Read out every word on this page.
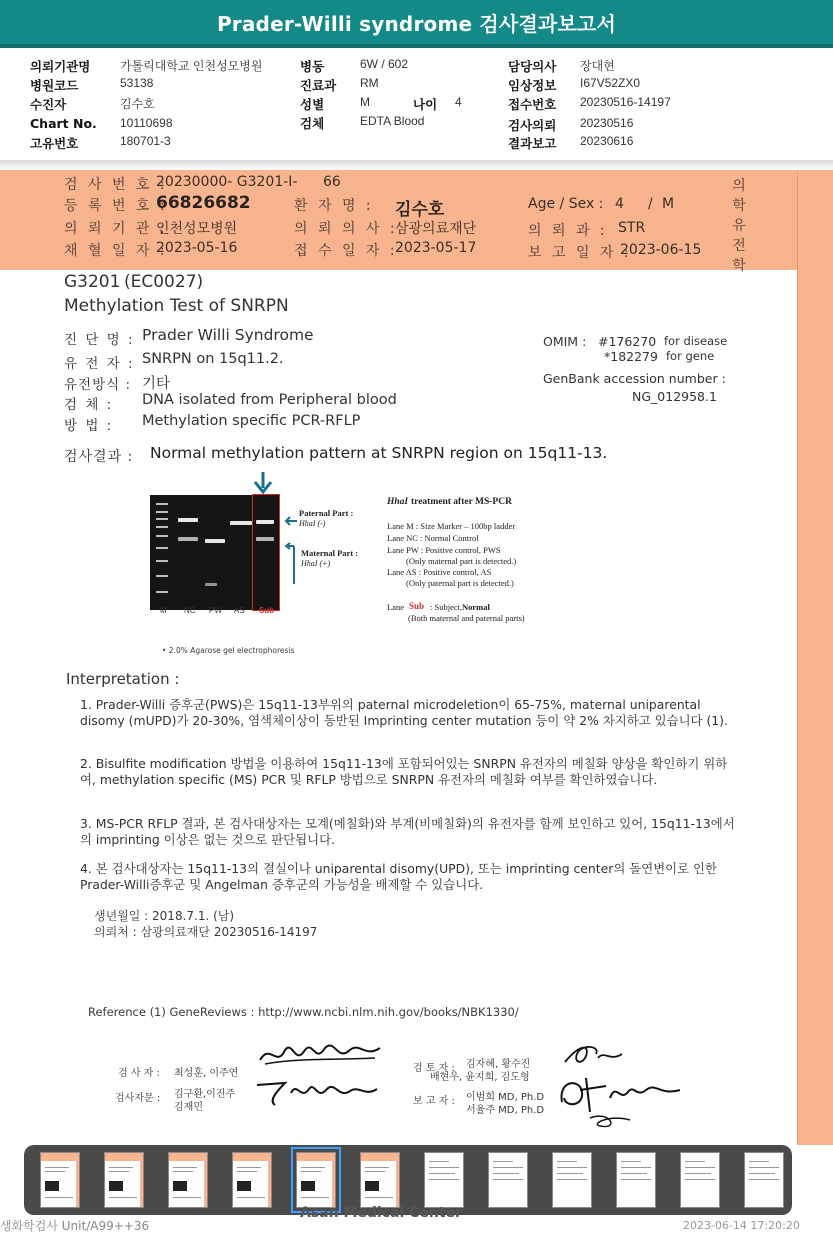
Prader-Willi syndrome 검사결과보고서
의뢰기관명 가톨릭대학교 인천성모병원
병원코드	53138
수진자	김수호
Chart No. 10110698
고유번호	180701-3
병동	6W / 602
진료과 RM
성별	M	나이 4
검체	EDTA Blood
담당의사 장대현
임상정보 I67V52ZX0
접수번호 20230516-14197
검사의뢰 20230516
결과보고 20230616
검 사 번 호 :
20230000- G3201-I- 66
등 록 번 호 :
66826682	환 자 명 : 김수호	Age / Sex : 4 / M
의 뢰 기 관 :
인천성모병원	의 뢰 의 사 :
삼광의료재단	의 뢰 과 : STR
채 혈 일 자 :
2023-05-16	접 수 일 자 :
2023-05-17	보 고 일 자 :
2023-06-15
의
학
유
전
학
G3201 (EC0027)
Methylation Test of SNRPN
진 단 명 : Prader Willi Syndrome
유 전 자 : SNRPN on 15q11.2.
유전방식 : 기타
검 체 : DNA isolated from Peripheral blood
방 법 : Methylation specific PCR-RFLP
OMIM : #176270 for disease
*182279 for gene
GenBank accession number :
NG_012958.1
검사결과 : Normal methylation pattern at SNRPN region on 15q11-13.
M NC PW AS Sub
Paternal Part :
HhaI (-)
Maternal Part :
HhaI (+)
• 2.0% Agarose gel electrophoresis
HhaI treatment after MS-PCR
Lane M : Size Marker – 100bp ladder
Lane NC : Normal Control
Lane PW : Positive control, PWS
(Only maternal part is detected.)
Lane AS : Positive control, AS
(Only paternal part is detected.)
Lane Sub : Subject, Normal
(Both maternal and paternal parts)
Interpretation :
1. Prader-Willi 증후군(PWS)은 15q11-13부위의 paternal microdeletion이 65-75%, maternal uniparental disomy (mUPD)가 20-30%, 염색체이상이 동반된 Imprinting center mutation 등이 약 2% 차지하고 있습니다 (1).
2. Bisulfite modification 방법을 이용하여 15q11-13에 포함되어있는 SNRPN 유전자의 메칠화 양상을 확인하기 위하여, methylation specific (MS) PCR 및 RFLP 방법으로 SNRPN 유전자의 메칠화 여부를 확인하였습니다.
3. MS-PCR RFLP 결과, 본 검사대상자는 모계(메칠화)와 부계(비메칠화)의 유전자를 함께 보인하고 있어, 15q11-13에서의 imprinting 이상은 없는 것으로 판단됩니다.
4. 본 검사대상자는 15q11-13의 결실이나 uniparental disomy(UPD), 또는 imprinting center의 돌연변이로 인한 Prader-Willi증후군 및 Angelman 증후군의 가능성을 배제할 수 있습니다.
생년월일 : 2018.7.1. (남)
의뢰처 : 삼광의료재단 20230516-14197
Reference (1) GeneReviews : http://www.ncbi.nlm.nih.gov/books/NBK1330/
검 사 자 : 최성훈, 이주연
검사자문 : 김구환,이진주
김재민
검 토 자 : 김자혜, 황수진
배현우, 윤지희, 김도형
보 고 자 : 이범희 MD, Ph.D
서율주 MD, Ph.D
생화학검사 Unit/A99++36
Asan Medical Center
2023-06-14 17:20:20
